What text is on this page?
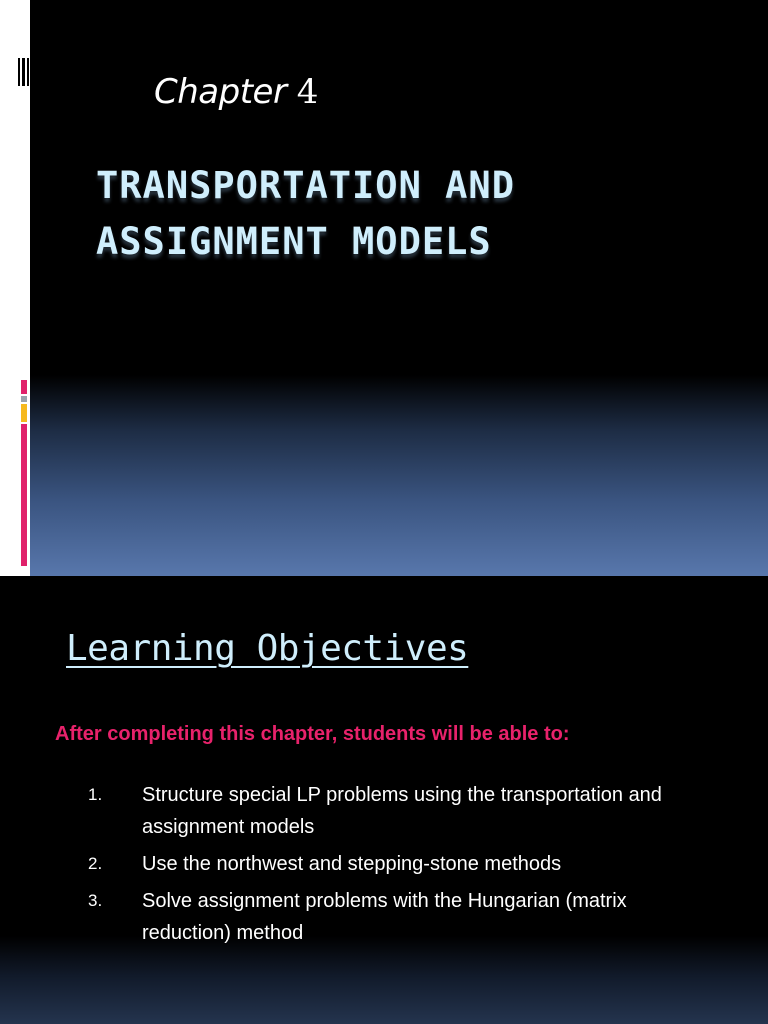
Chapter 4
TRANSPORTATION AND
ASSIGNMENT MODELS
Learning Objectives
After completing this chapter, students will be able to:
1. Structure special LP problems using the transportation and assignment models
2. Use the northwest and stepping-stone methods
3. Solve assignment problems with the Hungarian (matrix reduction) method
